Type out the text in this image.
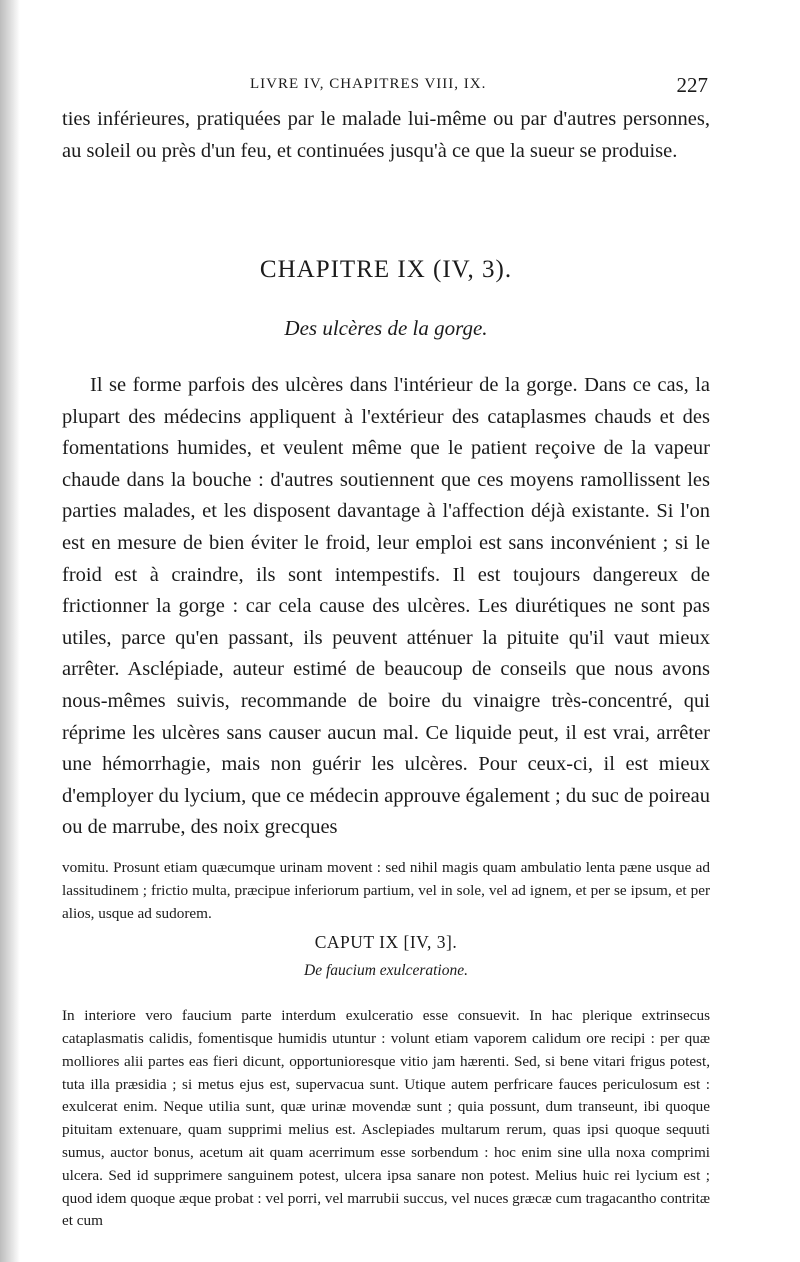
LIVRE IV, CHAPITRES VIII, IX.	227

ties inférieures, pratiquées par le malade lui-même ou par d'autres personnes, au soleil ou près d'un feu, et continuées jusqu'à ce que la sueur se produise.

CHAPITRE IX (IV, 3).
Des ulcères de la gorge.

Il se forme parfois des ulcères dans l'intérieur de la gorge. Dans ce cas, la plupart des médecins appliquent à l'extérieur des cataplasmes chauds et des fomentations humides, et veulent même que le patient reçoive de la vapeur chaude dans la bouche : d'autres soutiennent que ces moyens ramollissent les parties malades, et les disposent davantage à l'affection déjà existante. Si l'on est en mesure de bien éviter le froid, leur emploi est sans inconvénient ; si le froid est à craindre, ils sont intempestifs. Il est toujours dangereux de frictionner la gorge : car cela cause des ulcères. Les diurétiques ne sont pas utiles, parce qu'en passant, ils peuvent atténuer la pituite qu'il vaut mieux arrêter. Asclépiade, auteur estimé de beaucoup de conseils que nous avons nous-mêmes suivis, recommande de boire du vinaigre très-concentré, qui réprime les ulcères sans causer aucun mal. Ce liquide peut, il est vrai, arrêter une hémorrhagie, mais non guérir les ulcères. Pour ceux-ci, il est mieux d'employer du lycium, que ce médecin approuve également ; du suc de poireau ou de marrube, des noix grecques

vomitu. Prosunt etiam quæcumque urinam movent : sed nihil magis quam ambulatio lenta pæne usque ad lassitudinem ; frictio multa, præcipue inferiorum partium, vel in sole, vel ad ignem, et per se ipsum, et per alios, usque ad sudorem.

CAPUT IX [IV, 3].
De faucium exulceratione.

In interiore vero faucium parte interdum exulceratio esse consuevit. In hac plerique extrinsecus cataplasmatis calidis, fomentisque humidis utuntur : volunt etiam vaporem calidum ore recipi : per quæ molliores alii partes eas fieri dicunt, opportunioresque vitio jam hærenti. Sed, si bene vitari frigus potest, tuta illa præsidia ; si metus ejus est, supervacua sunt. Utique autem perfricare fauces periculosum est : exulcerat enim. Neque utilia sunt, quæ urinæ movendæ sunt ; quia possunt, dum transeunt, ibi quoque pituitam extenuare, quam supprimi melius est. Asclepiades multarum rerum, quas ipsi quoque sequuti sumus, auctor bonus, acetum ait quam acerrimum esse sorbendum : hoc enim sine ulla noxa comprimi ulcera. Sed id supprimere sanguinem potest, ulcera ipsa sanare non potest. Melius huic rei lycium est ; quod idem quoque æque probat : vel porri, vel marrubii succus, vel nuces græcæ cum tragacantho contritæ et cum
